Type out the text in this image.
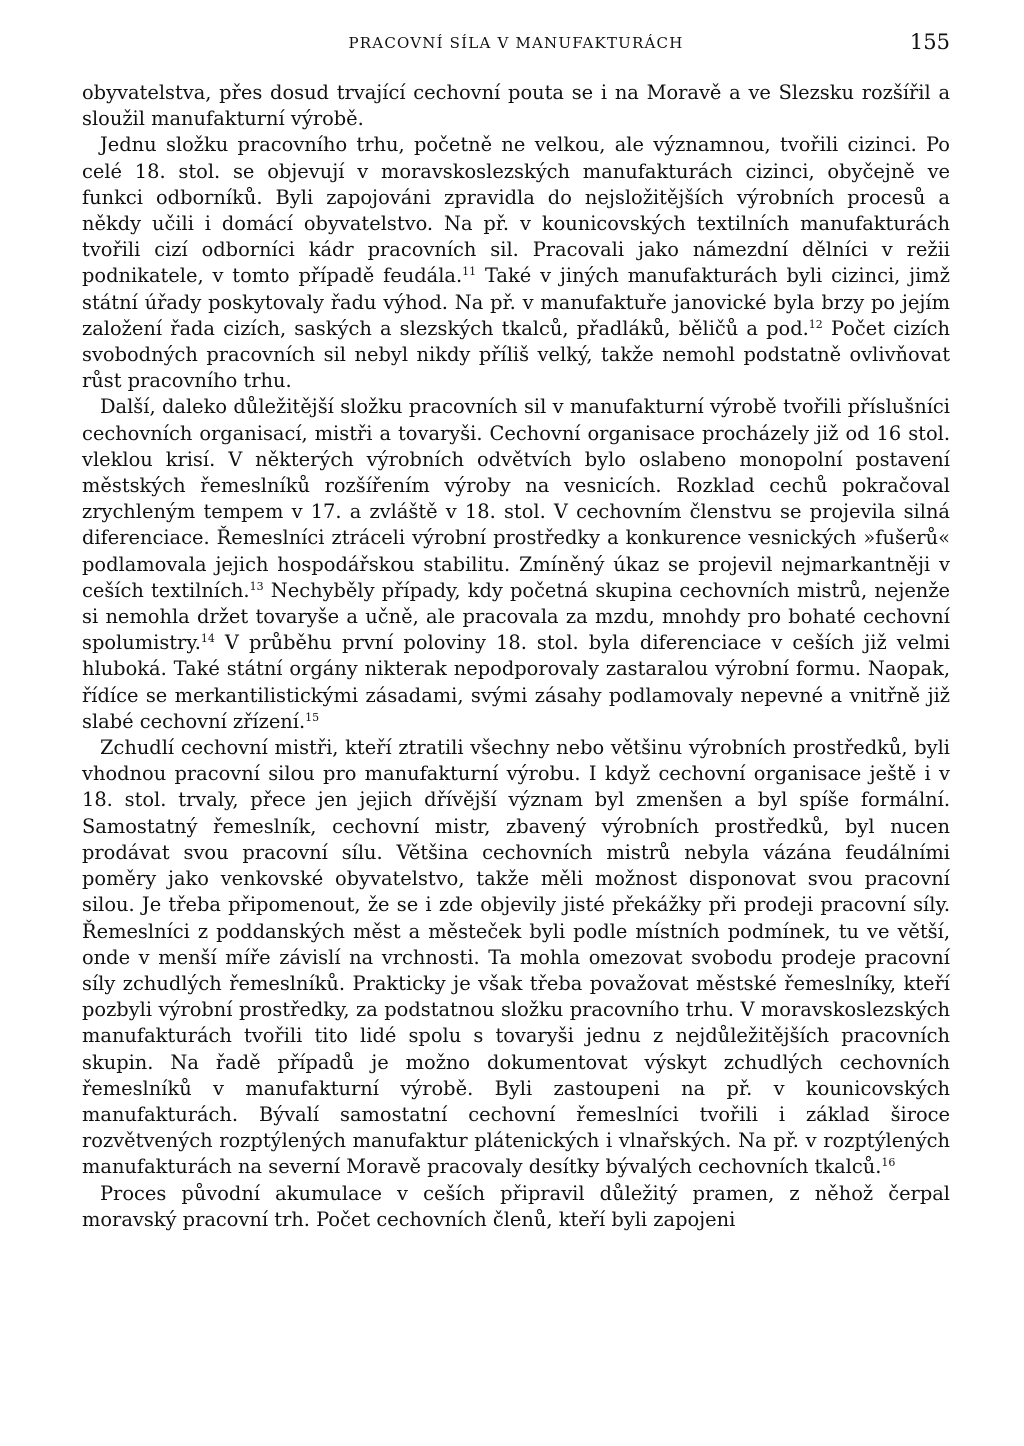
PRACOVNÍ SÍLA V MANUFAKTURÁCH	155

obyvatelstva, přes dosud trvající cechovní pouta se i na Moravě a ve Slezsku rozšířil a sloužil manufakturní výrobě.

Jednu složku pracovního trhu, početně ne velkou, ale významnou, tvořili cizinci. Po celé 18. stol. se objevují v moravskoslezských manufakturách cizinci, obyčejně ve funkci odborníků. Byli zapojováni zpravidla do nejsložitějších výrobních procesů a někdy učili i domácí obyvatelstvo. Na př. v kounicovských textilních manufakturách tvořili cizí odborníci kádr pracovních sil. Pracovali jako námezdní dělníci v režii podnikatele, v tomto případě feudála.$^{11}$ Také v jiných manufakturách byli cizinci, jimž státní úřady poskytovaly řadu výhod. Na př. v manufaktuře janovické byla brzy po jejím založení řada cizích, saských a slezských tkalců, přadláků, běličů a pod.$^{12}$ Počet cizích svobodných pracovních sil nebyl nikdy příliš velký, takže nemohl podstatně ovlivňovat růst pracovního trhu.

Další, daleko důležitější složku pracovních sil v manufakturní výrobě tvořili příslušníci cechovních organisací, mistři a tovaryši. Cechovní organisace procházely již od 16 stol. vleklou krisí. V některých výrobních odvětvích bylo oslabeno monopolní postavení městských řemeslníků rozšířením výroby na vesnicích. Rozklad cechů pokračoval zrychleným tempem v 17. a zvláště v 18. stol. V cechovním členstvu se projevila silná diferenciace. Řemeslníci ztráceli výrobní prostředky a konkurence vesnických »fušerů« podlamovala jejich hospodářskou stabilitu. Zmíněný úkaz se projevil nejmarkantněji v ceších textilních.$^{13}$ Nechyběly případy, kdy početná skupina cechovních mistrů, nejenže si nemohla držet tovaryše a učně, ale pracovala za mzdu, mnohdy pro bohaté cechovní spolumistry.$^{14}$ V průběhu první poloviny 18. stol. byla diferenciace v ceších již velmi hluboká. Také státní orgány nikterak nepodporovaly zastaralou výrobní formu. Naopak, řídíce se merkantilistickými zásadami, svými zásahy podlamovaly nepevné a vnitřně již slabé cechovní zřízení.$^{15}$

Zchudlí cechovní mistři, kteří ztratili všechny nebo většinu výrobních prostředků, byli vhodnou pracovní silou pro manufakturní výrobu. I když cechovní organisace ještě i v 18. stol. trvaly, přece jen jejich dřívější význam byl zmenšen a byl spíše formální. Samostatný řemeslník, cechovní mistr, zbavený výrobních prostředků, byl nucen prodávat svou pracovní sílu. Většina cechovních mistrů nebyla vázána feudálními poměry jako venkovské obyvatelstvo, takže měli možnost disponovat svou pracovní silou. Je třeba připomenout, že se i zde objevily jisté překážky při prodeji pracovní síly. Řemeslníci z poddanských měst a městeček byli podle místních podmínek, tu ve větší, onde v menší míře závislí na vrchnosti. Ta mohla omezovat svobodu prodeje pracovní síly zchudlých řemeslníků. Prakticky je však třeba považovat městské řemeslníky, kteří pozbyli výrobní prostředky, za podstatnou složku pracovního trhu. V moravskoslezských manufakturách tvořili tito lidé spolu s tovaryši jednu z nejdůležitějších pracovních skupin. Na řadě případů je možno dokumentovat výskyt zchudlých cechovních řemeslníků v manufakturní výrobě. Byli zastoupeni na př. v kounicovských manufakturách. Bývalí samostatní cechovní řemeslníci tvořili i základ široce rozvětvených rozptýlených manufaktur plátenických i vlnařských. Na př. v rozptýlených manufakturách na severní Moravě pracovaly desítky bývalých cechovních tkalců.$^{16}$

Proces původní akumulace v ceších připravil důležitý pramen, z něhož čerpal moravský pracovní trh. Počet cechovních členů, kteří byli zapojeni
